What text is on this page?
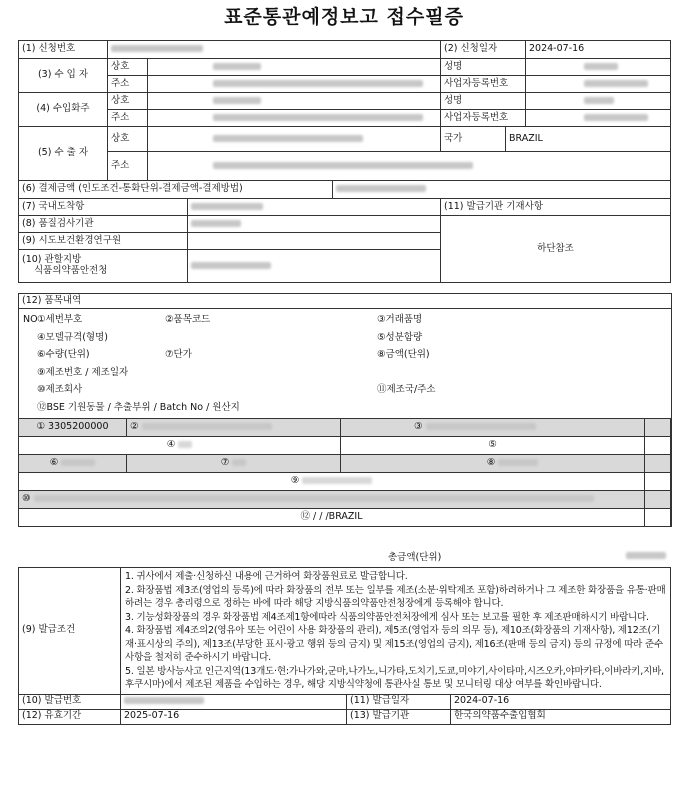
표준통관예정보고 접수필증
(1) 신청번호					(2) 신청일자		2024-07-16
(3) 수 입 자	상호				성명		
	주소				사업자등록번호		
(4) 수입화주	상호				성명		
	주소				사업자등록번호		
(5) 수 출 자	상호				국가	BRAZIL	
	주소						
(6) 결제금액 (인도조건-통화단위-결제금액-결제방법)							
(7) 국내도착항					(11) 발급기관 기재사항		
(8) 품질검사기관					하단참조		
(9) 시도보건환경연구원							

(10) 관할지방
식품의약품안전청							

(12) 품목내역
NO ①세번부호	②품목코드	③거래품명
④모델규격(형명)	⑤성분함량
⑥수량(단위)	⑦단가	⑧금액(단위)
⑨제조번호 / 제조일자
⑩제조회사	⑪제조국/주소
⑫BSE 기원동물 / 추출부위 / Batch No / 원산지
① 3305200000	②	③	
④		⑤	
⑥	⑦	⑧	
⑨			
⑩			
⑫ / / /BRAZIL			
총금액(단위)
(9) 발급조건	1. 귀사에서 제출·신청하신 내용에 근거하여 화장품원료로 발급합니다.
2. 화장품법 제3조(영업의 등록)에 따라 화장품의 전부 또는 일부를 제조(소분·위탁제조 포함)하려하거나 그 제조한 화장품을 유통·판매하려는 경우 총리령으로 정하는 바에 따라 해당 지방식품의약품안전청장에게 등록해야 합니다.
3. 기능성화장품의 경우 화장품법 제4조제1항에따라 식품의약품안전처장에게 심사 또는 보고를 필한 후 제조판매하시기 바랍니다.
4. 화장품법 제4조의2(영유아 또는 어린이 사용 화장품의 관리), 제5조(영업자 등의 의무 등), 제10조(화장품의 기재사항), 제12조(기재·표시상의 주의), 제13조(부당한 표시·광고 행위 등의 금지) 및 제15조(영업의 금지), 제16조(판매 등의 금지) 등의 규정에 따라 준수사항을 철저히 준수하시기 바랍니다.
5. 일본 방사능사고 인근지역(13개도·현:가나가와,군마,나가노,니가타,도치기,도쿄,미야기,사이타마,시즈오카,야마카타,이바라키,지바,후쿠시마)에서 제조된 제품을 수입하는 경우, 해당 지방식약청에 통관사실 통보 및 모니터링 대상 여부를 확인바랍니다.		

(10) 발급번호		(11) 발급일자	2024-07-16
(12) 유효기간	2025-07-16	(13) 발급기관	한국의약품수출입협회
